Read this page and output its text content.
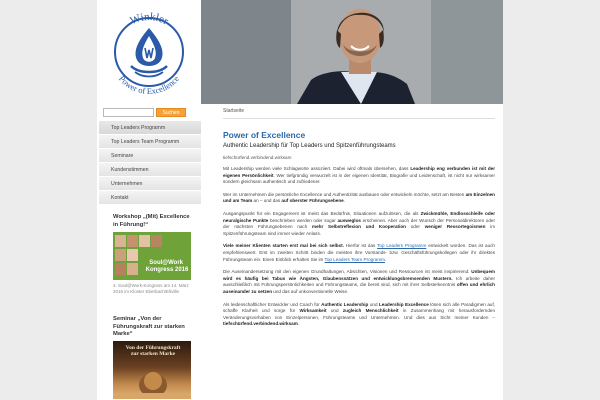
Winkler
Power of Excellence
Suchen
Top Leaders Programm
Top Leaders Team Programm
Seminare
Kundenstimmen
Unternehmen
Kontakt
Workshop „(Mit) Excellence in Führung!“
Soul@Work Kongress 2016
3. Soul@Work-Kongress am 14. März 2016 im Kloster Eberbach/Eltville
Seminar „Von der Führungskraft zur starken Marke“
Von der Führungskraft zur starken Marke
Startseite
Power of Excellence
Authentic Leadership für Top Leaders und Spitzenführungsteams
tiefschürfend.verbindend.wirksam
Mit Leadership werden viele Schlagworte assoziiert. Dabei wird oftmals übersehen, dass Leadership eng verbunden ist mit der eigenen Persönlichkeit. Wer tiefgründig verwurzelt ist in der eigenen Identität, Biografie und Leidenschaft, ist nicht nur wirksamer sondern gleichsam authentisch und zufriedener.
Wer im Unternehmen die persönliche Excellence und Authentizität ausbauen oder entwickeln möchte, setzt am Besten am Einzelnen und am Team an – und das auf oberster Führungsebene.
Ausgangspunkt für ein Engagement ist meist das Bedürfnis, Situationen aufzulösen, die als Zwickmühle, Endlosschleife oder neuralgische Punkte beschrieben werden oder sogar ausweglos erscheinen. Aber auch der Wunsch der Personaldirektoren oder der nächsten Führungsebenen nach mehr Selbstreflexion und Kooperation oder weniger Ressortegoismen im Spitzenführungsteam sind immer wieder Anlass.
Viele meiner Klienten starten erst mal bei sich selbst. Hierfür ist das Top Leaders Programm entwickelt worden. Das ist auch empfehlenswert. Erst im zweiten Schritt binden die meisten ihre Vorstands- bzw. Geschäftsführungskollegen oder ihr direktes Führungsteam ein. Einen Einblick erhalten Sie im Top Leaders Team Programm.
Die Auseinandersetzung mit den eigenen Grundhaltungen, Absichten, Visionen und Ressourcen ist meist inspirierend. Unbequem wird es häufig bei Tabus wie Ängsten, Glaubenssätzen und entwicklungsbremsenden Mustern. Ich arbeite daher ausschließlich mit Führungspersönlichkeiten und Führungsteams, die bereit sind, sich mit ihrer Selbsterkenntnis offen und ehrlich auseinander zu setzen und das auf unkonventionelle Weise.
Als leidenschaftlicher Entwickler und Coach für Authentic Leadership und Leadership Excellence lösen sich alle Paradigmen auf, schaffe Klarheit und sorge für Wirksamkeit und zugleich Menschlichkeit in Zusammenhang mit herausfordernden Veränderungsvorhaben von Einzelpersonen, Führungsteams und Unternehmen. Und dies aus Sicht meiner Kunden – tiefschürfend.verbindend.wirksam.
